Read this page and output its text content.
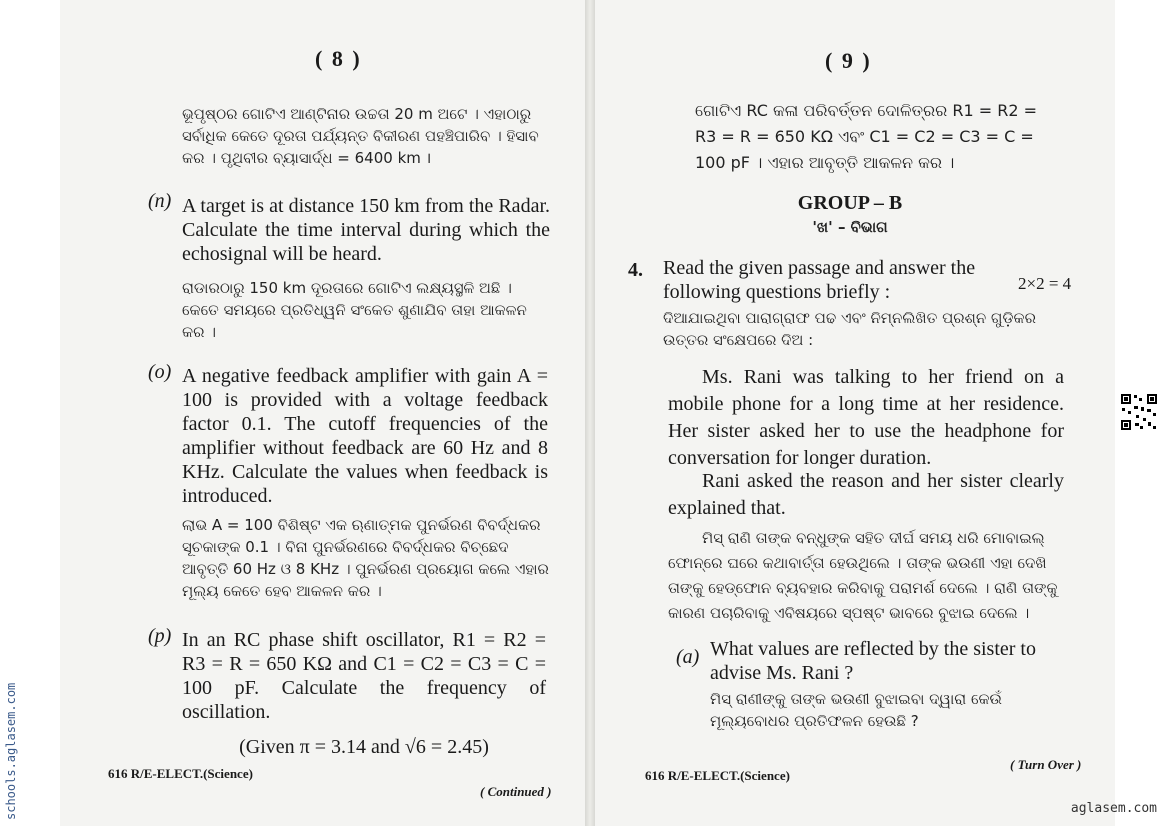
( 8 )
ଭୂପୃଷ୍ଠର ଗୋଟିଏ ଆଣ୍ଟିନାର ଉଚ୍ଚତା 20 m ଅଟେ । ଏହାଠାରୁ ସର୍ବାଧିକ କେତେ ଦୂରତା ପର୍ଯ୍ୟନ୍ତ ବିକୀରଣ ପହଞ୍ଚିପାରିବ । ହିସାବ କର । ପୃଥିବୀର ବ୍ୟାସାର୍ଦ୍ଧ = 6400 km ।
(n) A target is at distance 150 km from the Radar. Calculate the time interval during which the echosignal will be heard.
ରାଡାରଠାରୁ 150 km ଦୂରତାରେ ଗୋଟିଏ ଲକ୍ଷ୍ୟସ୍ଥଳି ଅଛି । କେତେ ସମୟରେ ପ୍ରତିଧ୍ୱନି ସଂକେତ ଶୁଣାଯିବ ତାହା ଆକଳନ କର ।
(o) A negative feedback amplifier with gain A = 100 is provided with a voltage feedback factor 0.1. The cutoff frequencies of the amplifier without feedback are 60 Hz and 8 KHz. Calculate the values when feedback is introduced.
ଲାଭ A = 100 ବିଶିଷ୍ଟ ଏକ ଋଣାତ୍ମକ ପୁନର୍ଭରଣ ବିବର୍ଦ୍ଧକର ସୂଚକାଙ୍କ 0.1 । ବିନା ପୁନର୍ଭରଣରେ ବିବର୍ଦ୍ଧକର ବିଚ୍ଛେଦ ଆବୃତ୍ତି 60 Hz ଓ 8 KHz । ପୁନର୍ଭରଣ ପ୍ରୟୋଗ କଲେ ଏହାର ମୂଲ୍ୟ କେତେ ହେବ ଆକଳନ କର ।
(p) In an RC phase shift oscillator, R1 = R2 = R3 = R = 650 KΩ and C1 = C2 = C3 = C = 100 pF. Calculate the frequency of oscillation.
(Given π = 3.14 and √6 = 2.45)
616 R/E-ELECT.(Science)
( Continued )
( 9 )
ଗୋଟିଏ RC କଳା ପରିବର୍ତ୍ତନ ଦୋଳିତ୍ରର R1 = R2 = R3 = R = 650 KΩ ଏବଂ C1 = C2 = C3 = C = 100 pF । ଏହାର ଆବୃତ୍ତି ଆକଳନ କର ।
GROUP – B
'ଖ' – ବିଭାଗ
4. Read the given passage and answer the following questions briefly :	2×2 = 4
ଦିଆଯାଇଥିବା ପାରାଗ୍ରାଫ ପଢ ଏବଂ ନିମ୍ନଲିଖିତ ପ୍ରଶ୍ନ ଗୁଡ଼ିକର ଉତ୍ତର ସଂକ୍ଷେପରେ ଦିଅ :
Ms. Rani was talking to her friend on a mobile phone for a long time at her residence. Her sister asked her to use the headphone for conversation for longer duration.
Rani asked the reason and her sister clearly explained that.
ମିସ୍ ରାଣି ତାଙ୍କ ବନ୍ଧୁଙ୍କ ସହିତ ଦୀର୍ଘ ସମୟ ଧରି ମୋବାଇଲ୍ ଫୋନ୍‌ରେ ଘରେ କଥାବାର୍ତ୍ତା ହେଉଥିଲେ । ତାଙ୍କ ଭଉଣୀ ଏହା ଦେଖି ତାଙ୍କୁ ହେଡ୍‌ଫୋନ ବ୍ୟବହାର କରିବାକୁ ପରାମର୍ଶ ଦେଲେ । ରାଣି ତାଙ୍କୁ କାରଣ ପଚାରିବାକୁ ଏବିଷୟରେ ସ୍ପଷ୍ଟ ଭାବରେ ବୁଝାଇ ଦେଲେ ।
(a) What values are reflected by the sister to advise Ms. Rani ?
ମିସ୍ ରାଣୀଙ୍କୁ ତାଙ୍କ ଭଉଣୀ ବୁଝାଇବା ଦ୍ୱାରା କେଉଁ ମୂଲ୍ୟବୋଧର ପ୍ରତିଫଳନ ହେଉଛି ?
616 R/E-ELECT.(Science)
( Turn Over )
schools.aglasem.com	aglasem.com
